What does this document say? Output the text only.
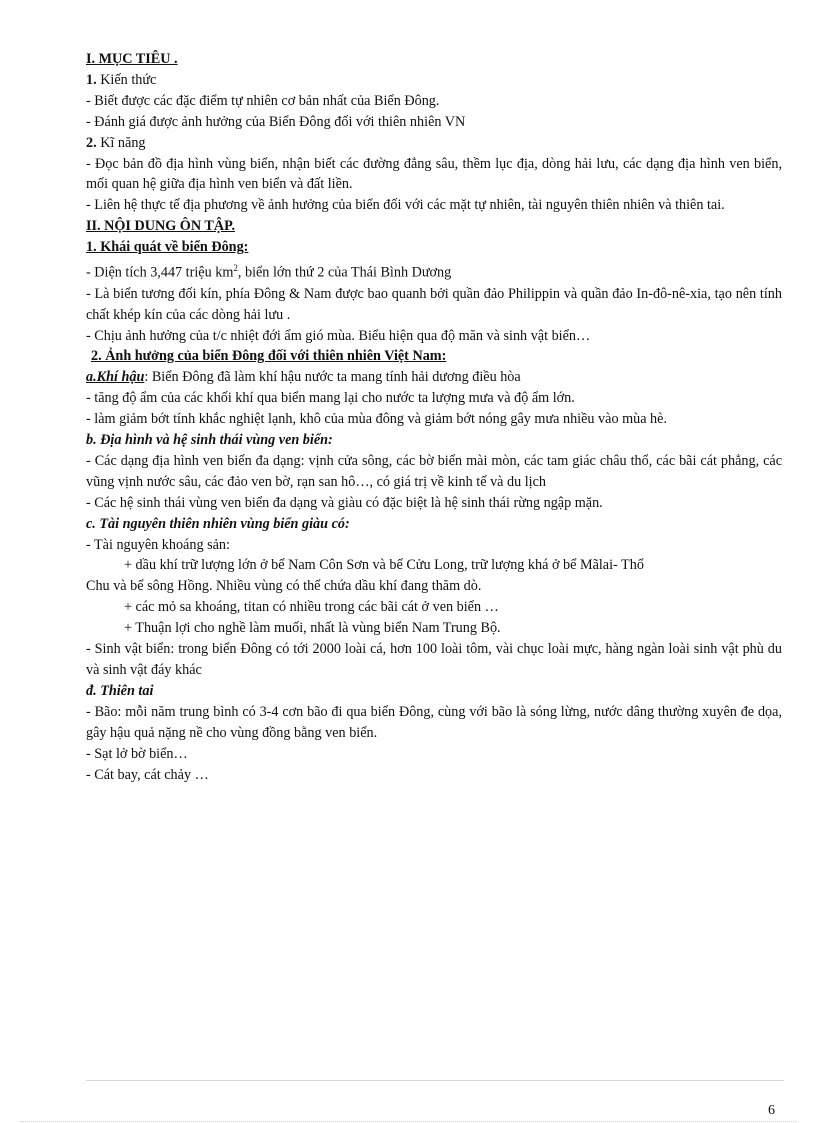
I. MỤC TIÊU .

1. Kiến thức

- Biết được các đặc điểm tự nhiên cơ bản nhất của Biển Đông.

- Đánh giá được ảnh hưởng của Biển Đông đối với thiên nhiên VN

2. Kĩ năng

- Đọc bản đồ địa hình vùng biển, nhận biết các đường đẳng sâu, thềm lục địa, dòng hải lưu, các dạng địa hình ven biển, mối quan hệ giữa địa hình ven biển và đất liền.

- Liên hệ thực tế địa phương về ảnh hưởng của biển đối với các mặt tự nhiên, tài nguyên thiên nhiên và thiên tai.

II. NỘI DUNG ÔN TẬP.

1. Khái quát về biển Đông:

- Diện tích 3,447 triệu $km^2$, biển lớn thứ 2 của Thái Bình Dương

- Là biển tương đối kín, phía Đông & Nam được bao quanh bởi quần đảo Philippin và quần đảo In-đô-nê-xia, tạo nên tính chất khép kín của các dòng hải lưu .

- Chịu ảnh hưởng của t/c nhiệt đới ẩm gió mùa. Biểu hiện qua độ măn và sinh vật biển…

2. Ảnh hưởng của biển Đông đối với thiên nhiên Việt Nam:

a.Khí hậu: Biển Đông đã làm khí hậu nước ta mang tính hải dương điều hòa

- tăng độ ẩm của các khối khí qua biển mang lại cho nước ta lượng mưa và độ ẩm lớn.

- làm giảm bớt tính khắc nghiệt lạnh, khô của mùa đông và giảm bớt nóng gây mưa nhiều vào mùa hè.

b. Địa hình và hệ sinh thái vùng ven biển:

- Các dạng địa hình ven biển đa dạng: vịnh cửa sông, các bờ biển mài mòn, các tam giác châu thổ, các bãi cát phẳng, các vũng vịnh nước sâu, các đảo ven bờ, rạn san hô…, có giá trị về kinh tế và du lịch

- Các hệ sinh thái vùng ven biển đa dạng và giàu có đặc biệt là hệ sinh thái rừng ngập mặn.

c. Tài nguyên thiên nhiên vùng biển giàu có:

- Tài nguyên khoáng sản:

+ dầu khí trữ lượng lớn ở bể Nam Côn Sơn và bể Cửu Long, trữ lượng khá ở bể Mãlai- Thổ

Chu và bể sông Hồng. Nhiều vùng có thể chứa dầu khí đang thăm dò.

+ các mỏ sa khoáng, titan có nhiều trong các bãi cát ở ven biển …

+ Thuận lợi cho nghề làm muối, nhất là vùng biển Nam Trung Bộ.

- Sinh vật biển: trong biển Đông có tới 2000 loài cá, hơn 100 loài tôm, vài chục loài mực, hàng ngàn loài sinh vật phù du và sinh vật đáy khác

đ. Thiên tai

- Bão: mỗi năm trung bình có 3-4 cơn bão đi qua biển Đông, cùng với bão là sóng lừng, nước dâng thường xuyên đe dọa, gây hậu quả nặng nề cho vùng đồng bằng ven biển.

- Sạt lở bờ biển…

- Cát bay, cát chảy …

6
